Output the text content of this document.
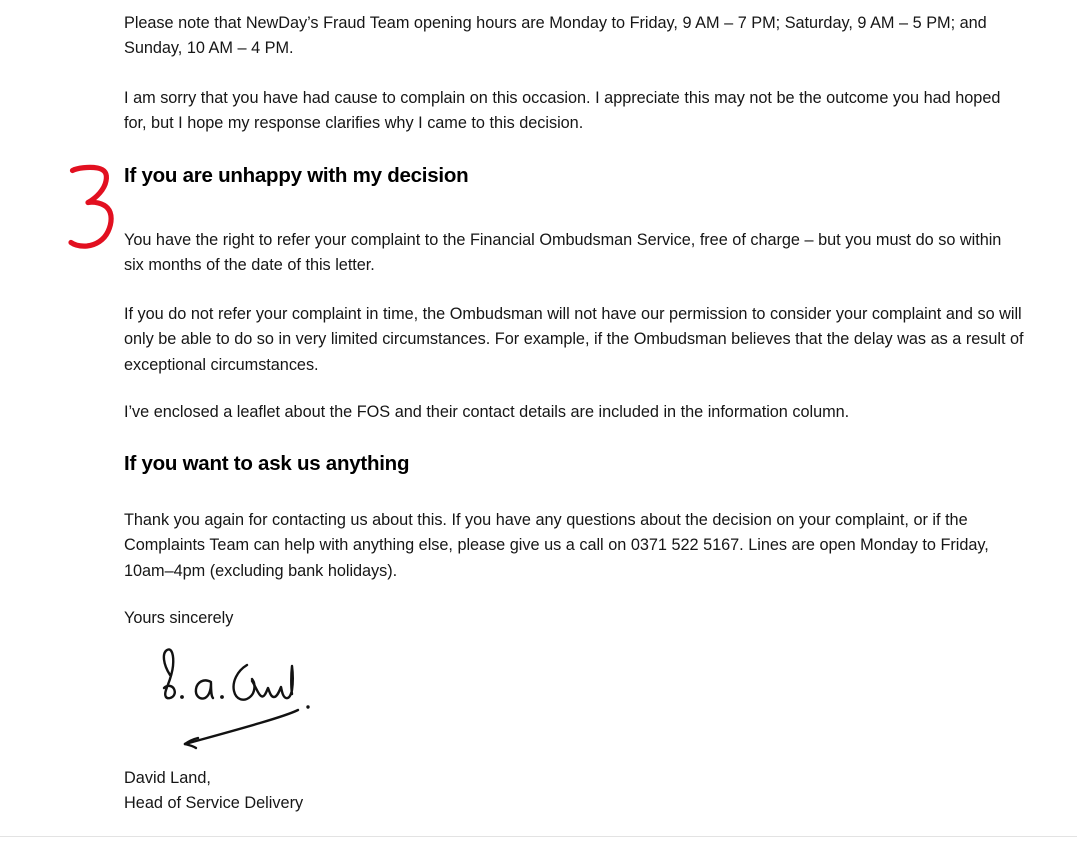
Please note that NewDay’s Fraud Team opening hours are Monday to Friday, 9 AM – 7 PM; Saturday, 9 AM – 5 PM; and Sunday, 10 AM – 4 PM.

I am sorry that you have had cause to complain on this occasion. I appreciate this may not be the outcome you had hoped for, but I hope my response clarifies why I came to this decision.

If you are unhappy with my decision

You have the right to refer your complaint to the Financial Ombudsman Service, free of charge – but you must do so within six months of the date of this letter.

If you do not refer your complaint in time, the Ombudsman will not have our permission to consider your complaint and so will only be able to do so in very limited circumstances. For example, if the Ombudsman believes that the delay was as a result of exceptional circumstances.

I’ve enclosed a leaflet about the FOS and their contact details are included in the information column.

If you want to ask us anything

Thank you again for contacting us about this. If you have any questions about the decision on your complaint, or if the Complaints Team can help with anything else, please give us a call on 0371 522 5167. Lines are open Monday to Friday, 10am–4pm (excluding bank holidays).

Yours sincerely

David Land,

Head of Service Delivery
